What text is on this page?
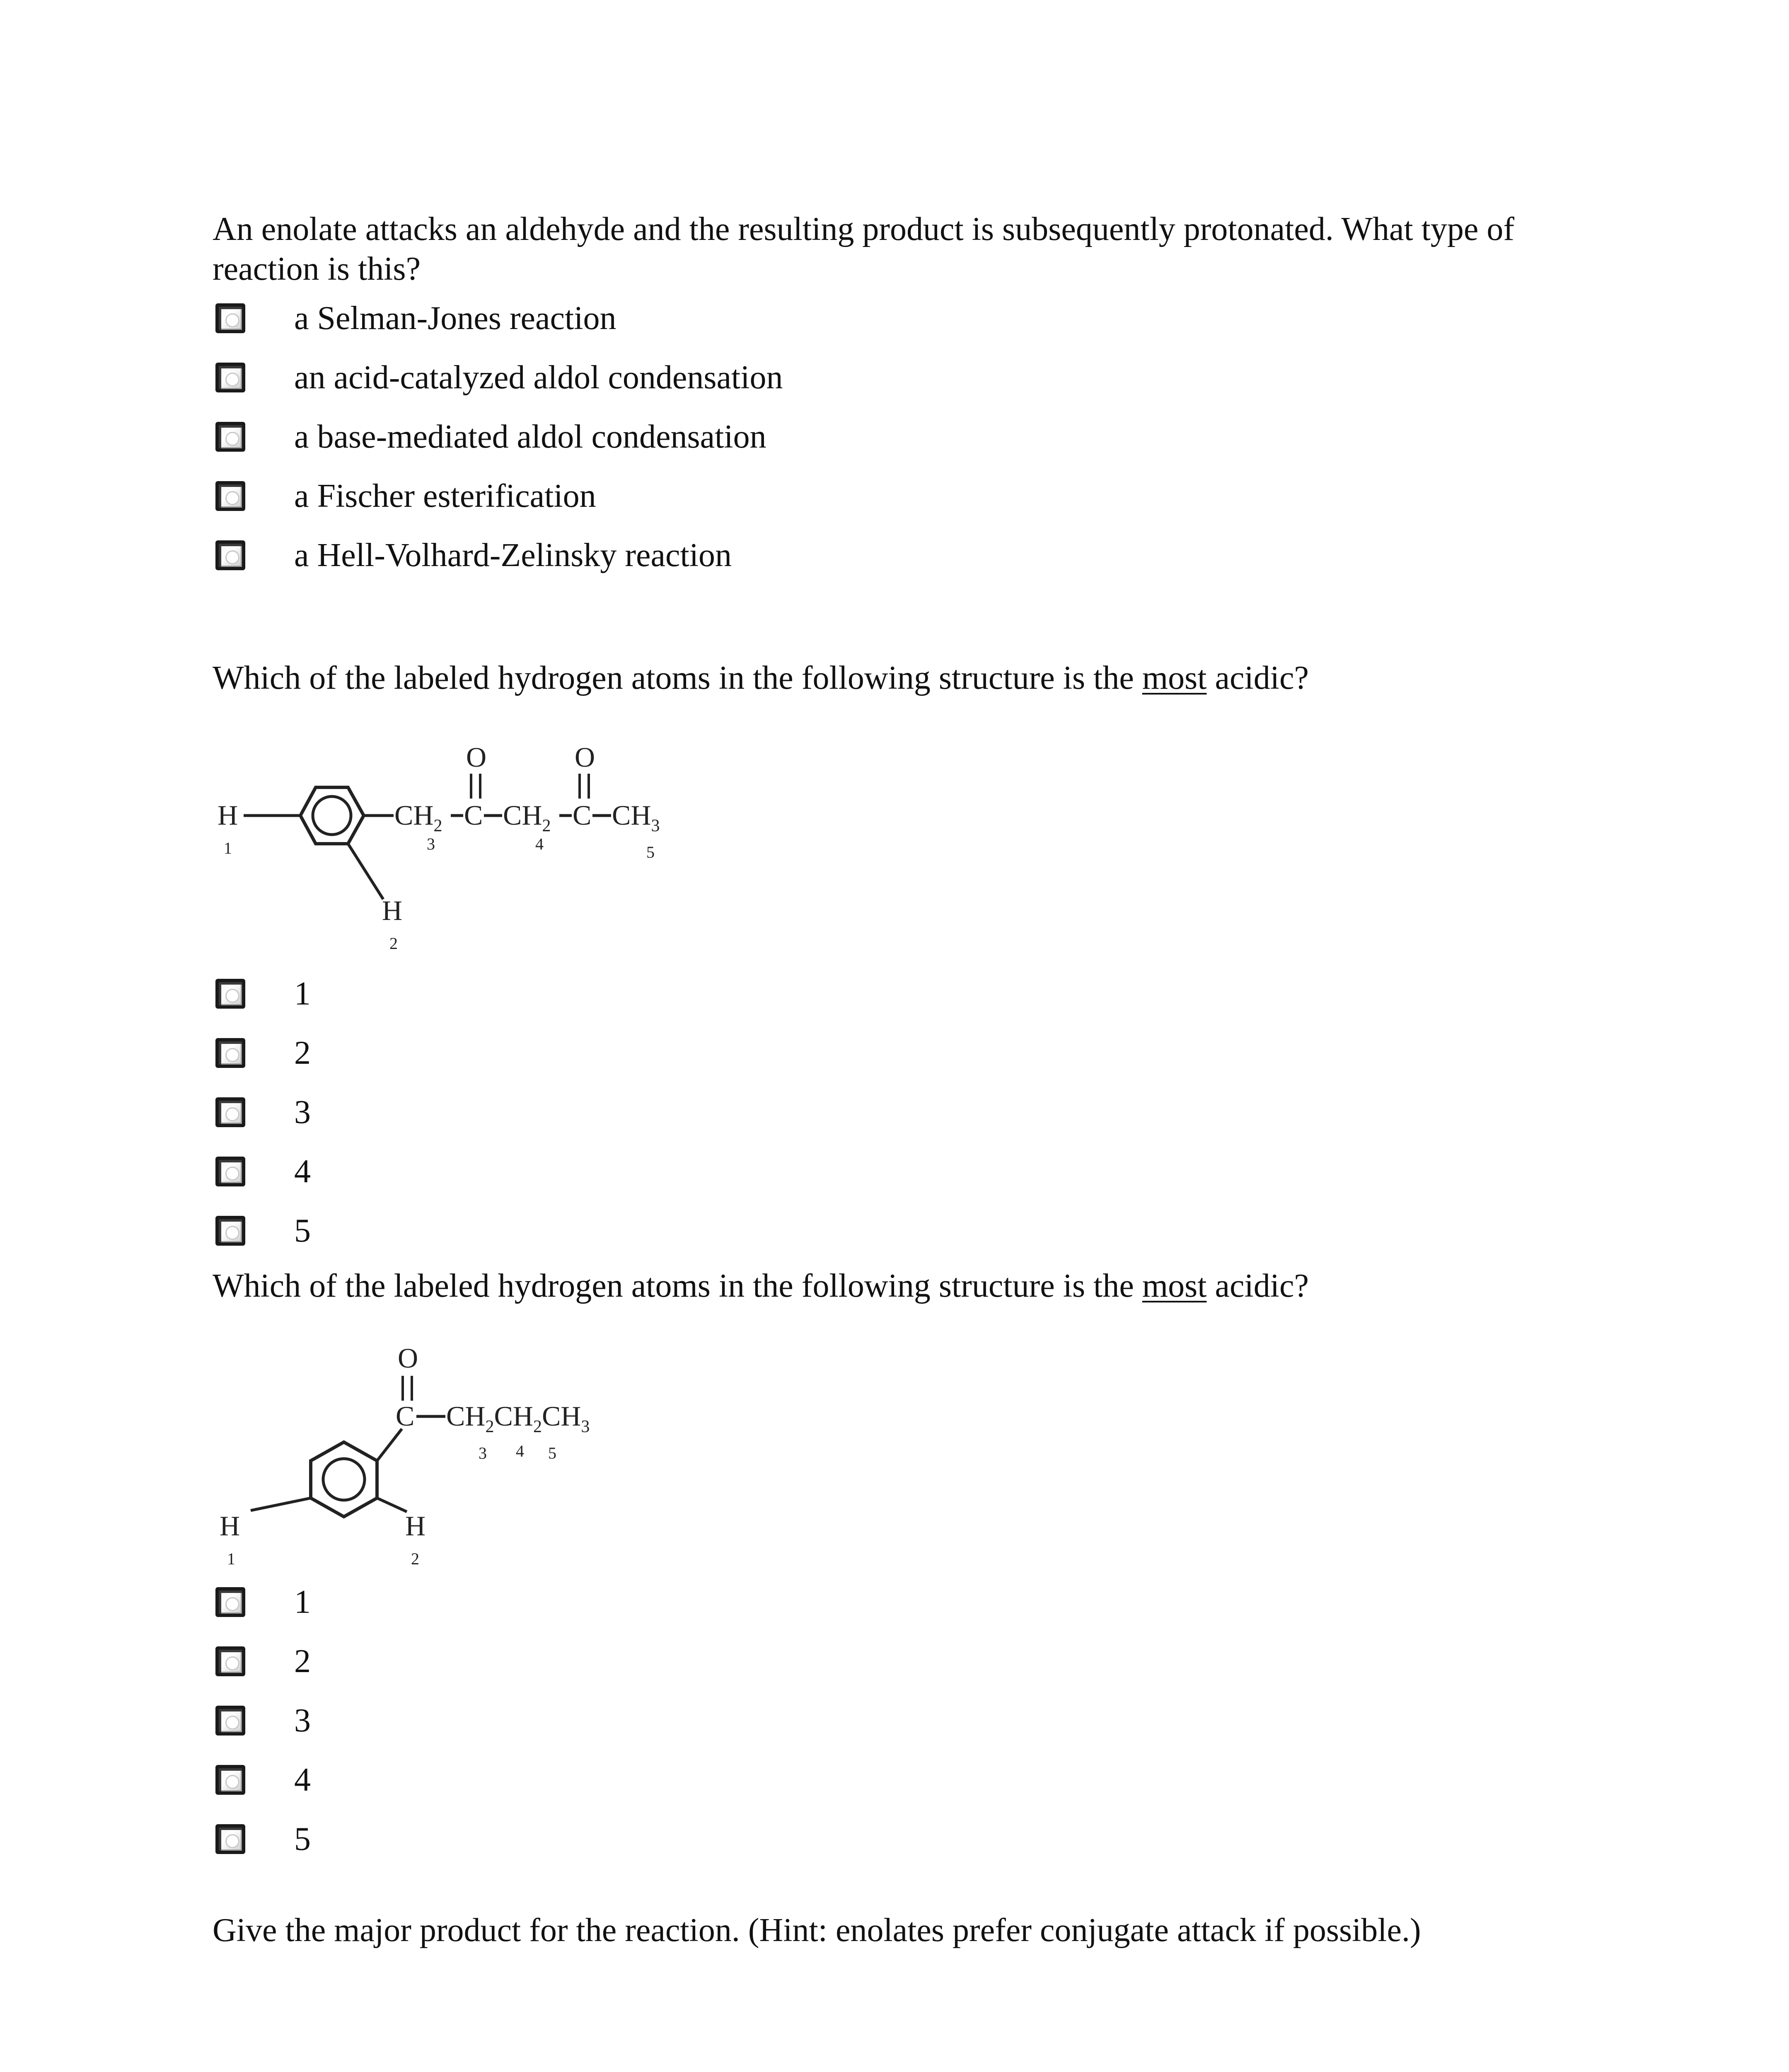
An enolate attacks an aldehyde and the resulting product is subsequently protonated. What type of reaction is this?

a Selman-Jones reaction
an acid-catalyzed aldol condensation
a base-mediated aldol condensation
a Fischer esterification
a Hell-Volhard-Zelinsky reaction

Which of the labeled hydrogen atoms in the following structure is the most acidic?

H
1
H
2
$CH_2$
3
C
O
$CH_2$
4
C
O
$CH_3$
5
1
2
3
4
5

Which of the labeled hydrogen atoms in the following structure is the most acidic?

O
C $CH_2CH_2CH_3$
3 4 5
H
1
H
2
1
2
3
4
5

Give the major product for the reaction. (Hint: enolates prefer conjugate attack if possible.)
